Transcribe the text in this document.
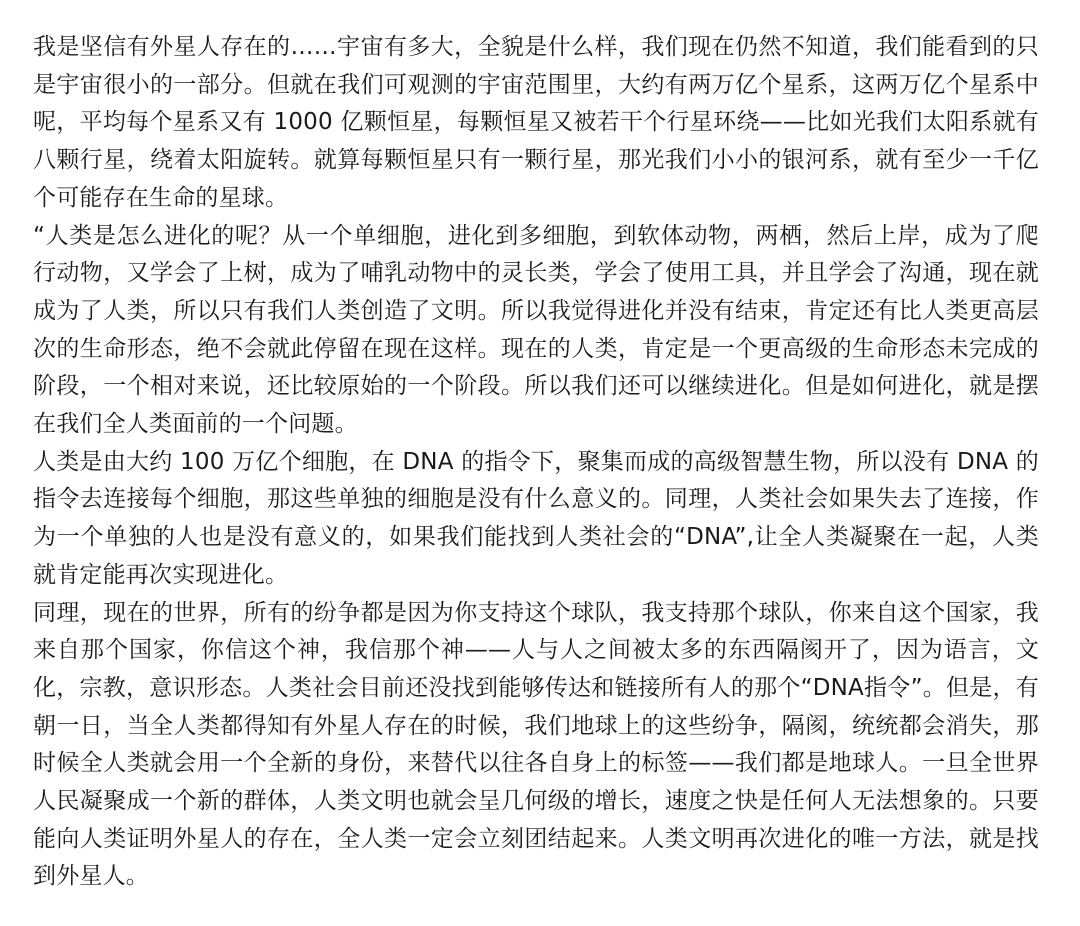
我是坚信有外星人存在的……宇宙有多大，全貌是什么样，我们现在仍然不知道，我们能看到的只是宇宙很小的一部分。但就在我们可观测的宇宙范围里，大约有两万亿个星系，这两万亿个星系中呢，平均每个星系又有 1000 亿颗恒星，每颗恒星又被若干个行星环绕——比如光我们太阳系就有八颗行星，绕着太阳旋转。就算每颗恒星只有一颗行星，那光我们小小的银河系，就有至少一千亿个可能存在生命的星球。

“人类是怎么进化的呢？从一个单细胞，进化到多细胞，到软体动物，两栖，然后上岸，成为了爬行动物，又学会了上树，成为了哺乳动物中的灵长类，学会了使用工具，并且学会了沟通，现在就成为了人类，所以只有我们人类创造了文明。所以我觉得进化并没有结束，肯定还有比人类更高层次的生命形态，绝不会就此停留在现在这样。现在的人类，肯定是一个更高级的生命形态未完成的阶段，一个相对来说，还比较原始的一个阶段。所以我们还可以继续进化。但是如何进化，就是摆在我们全人类面前的一个问题。

人类是由大约 100 万亿个细胞，在 DNA 的指令下，聚集而成的高级智慧生物，所以没有 DNA 的指令去连接每个细胞，那这些单独的细胞是没有什么意义的。同理，人类社会如果失去了连接，作为一个单独的人也是没有意义的，如果我们能找到人类社会的“DNA”,让全人类凝聚在一起，人类就肯定能再次实现进化。

同理，现在的世界，所有的纷争都是因为你支持这个球队，我支持那个球队，你来自这个国家，我来自那个国家，你信这个神，我信那个神——人与人之间被太多的东西隔阂开了，因为语言，文化，宗教，意识形态。人类社会目前还没找到能够传达和链接所有人的那个“DNA指令”。但是，有朝一日，当全人类都得知有外星人存在的时候，我们地球上的这些纷争，隔阂，统统都会消失，那时候全人类就会用一个全新的身份，来替代以往各自身上的标签——我们都是地球人。一旦全世界人民凝聚成一个新的群体，人类文明也就会呈几何级的增长，速度之快是任何人无法想象的。只要能向人类证明外星人的存在，全人类一定会立刻团结起来。人类文明再次进化的唯一方法，就是找到外星人。
